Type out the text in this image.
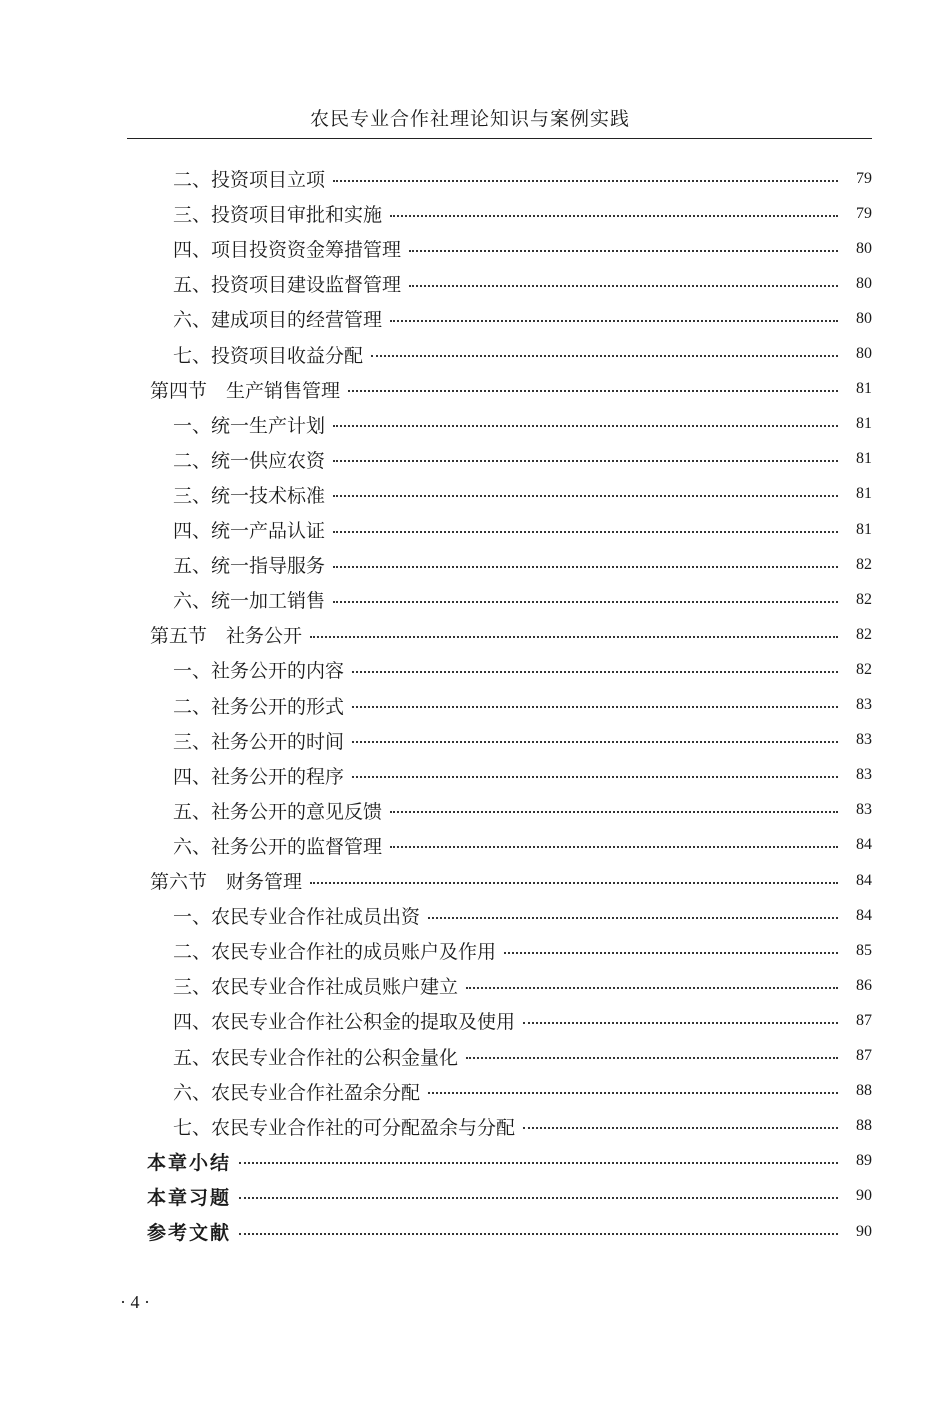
农民专业合作社理论知识与案例实践
二、投资项目立项	79
三、投资项目审批和实施	79
四、项目投资资金筹措管理	80
五、投资项目建设监督管理	80
六、建成项目的经营管理	80
七、投资项目收益分配	80
第四节　生产销售管理	81
一、统一生产计划	81
二、统一供应农资	81
三、统一技术标准	81
四、统一产品认证	81
五、统一指导服务	82
六、统一加工销售	82
第五节　社务公开	82
一、社务公开的内容	82
二、社务公开的形式	83
三、社务公开的时间	83
四、社务公开的程序	83
五、社务公开的意见反馈	83
六、社务公开的监督管理	84
第六节　财务管理	84
一、农民专业合作社成员出资	84
二、农民专业合作社的成员账户及作用	85
三、农民专业合作社成员账户建立	86
四、农民专业合作社公积金的提取及使用	87
五、农民专业合作社的公积金量化	87
六、农民专业合作社盈余分配	88
七、农民专业合作社的可分配盈余与分配	88
本章小结	89
本章习题	90
参考文献	90
· 4 ·
